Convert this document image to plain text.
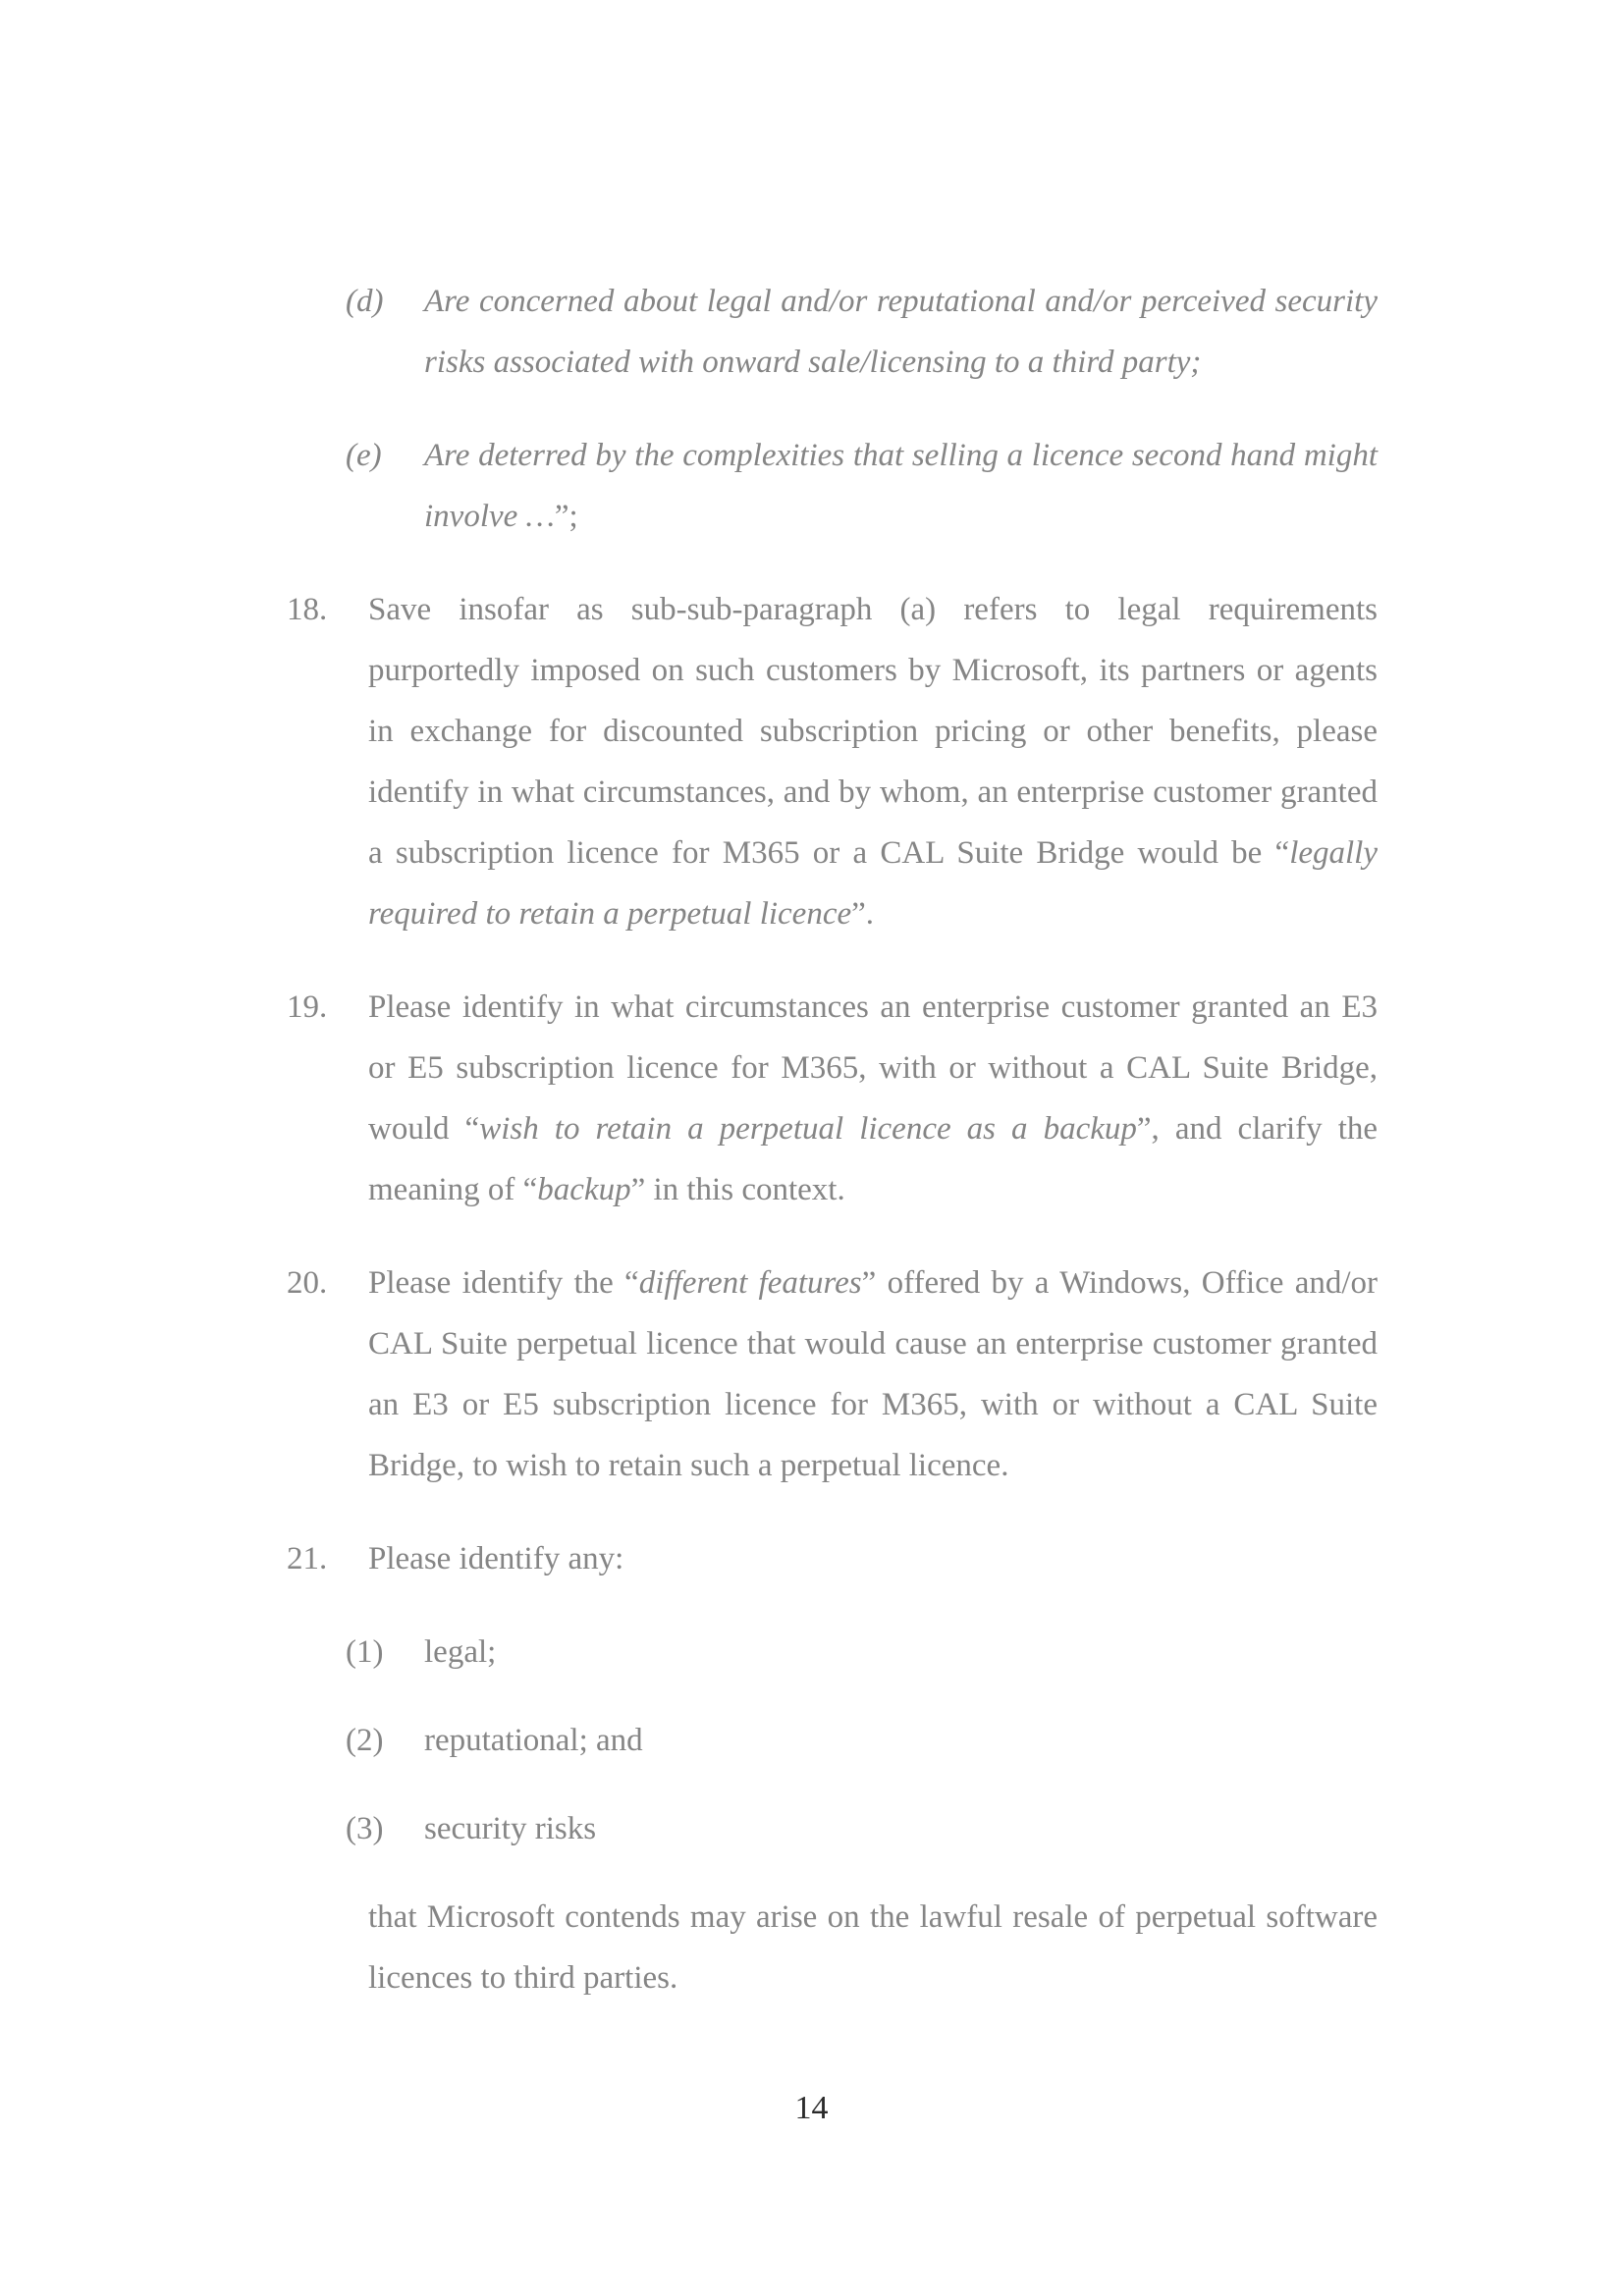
(d)	Are concerned about legal and/or reputational and/or perceived security risks associated with onward sale/licensing to a third party;
(e)	Are deterred by the complexities that selling a licence second hand might involve …”;
18.	Save insofar as sub-sub-paragraph (a) refers to legal requirements purportedly imposed on such customers by Microsoft, its partners or agents in exchange for discounted subscription pricing or other benefits, please identify in what circumstances, and by whom, an enterprise customer granted a subscription licence for M365 or a CAL Suite Bridge would be “legally required to retain a perpetual licence”.
19.	Please identify in what circumstances an enterprise customer granted an E3 or E5 subscription licence for M365, with or without a CAL Suite Bridge, would “wish to retain a perpetual licence as a backup”, and clarify the meaning of “backup” in this context.
20.	Please identify the “different features” offered by a Windows, Office and/or CAL Suite perpetual licence that would cause an enterprise customer granted an E3 or E5 subscription licence for M365, with or without a CAL Suite Bridge, to wish to retain such a perpetual licence.
21.	Please identify any:
(1)	legal;
(2)	reputational; and
(3)	security risks
that Microsoft contends may arise on the lawful resale of perpetual software licences to third parties.
14
